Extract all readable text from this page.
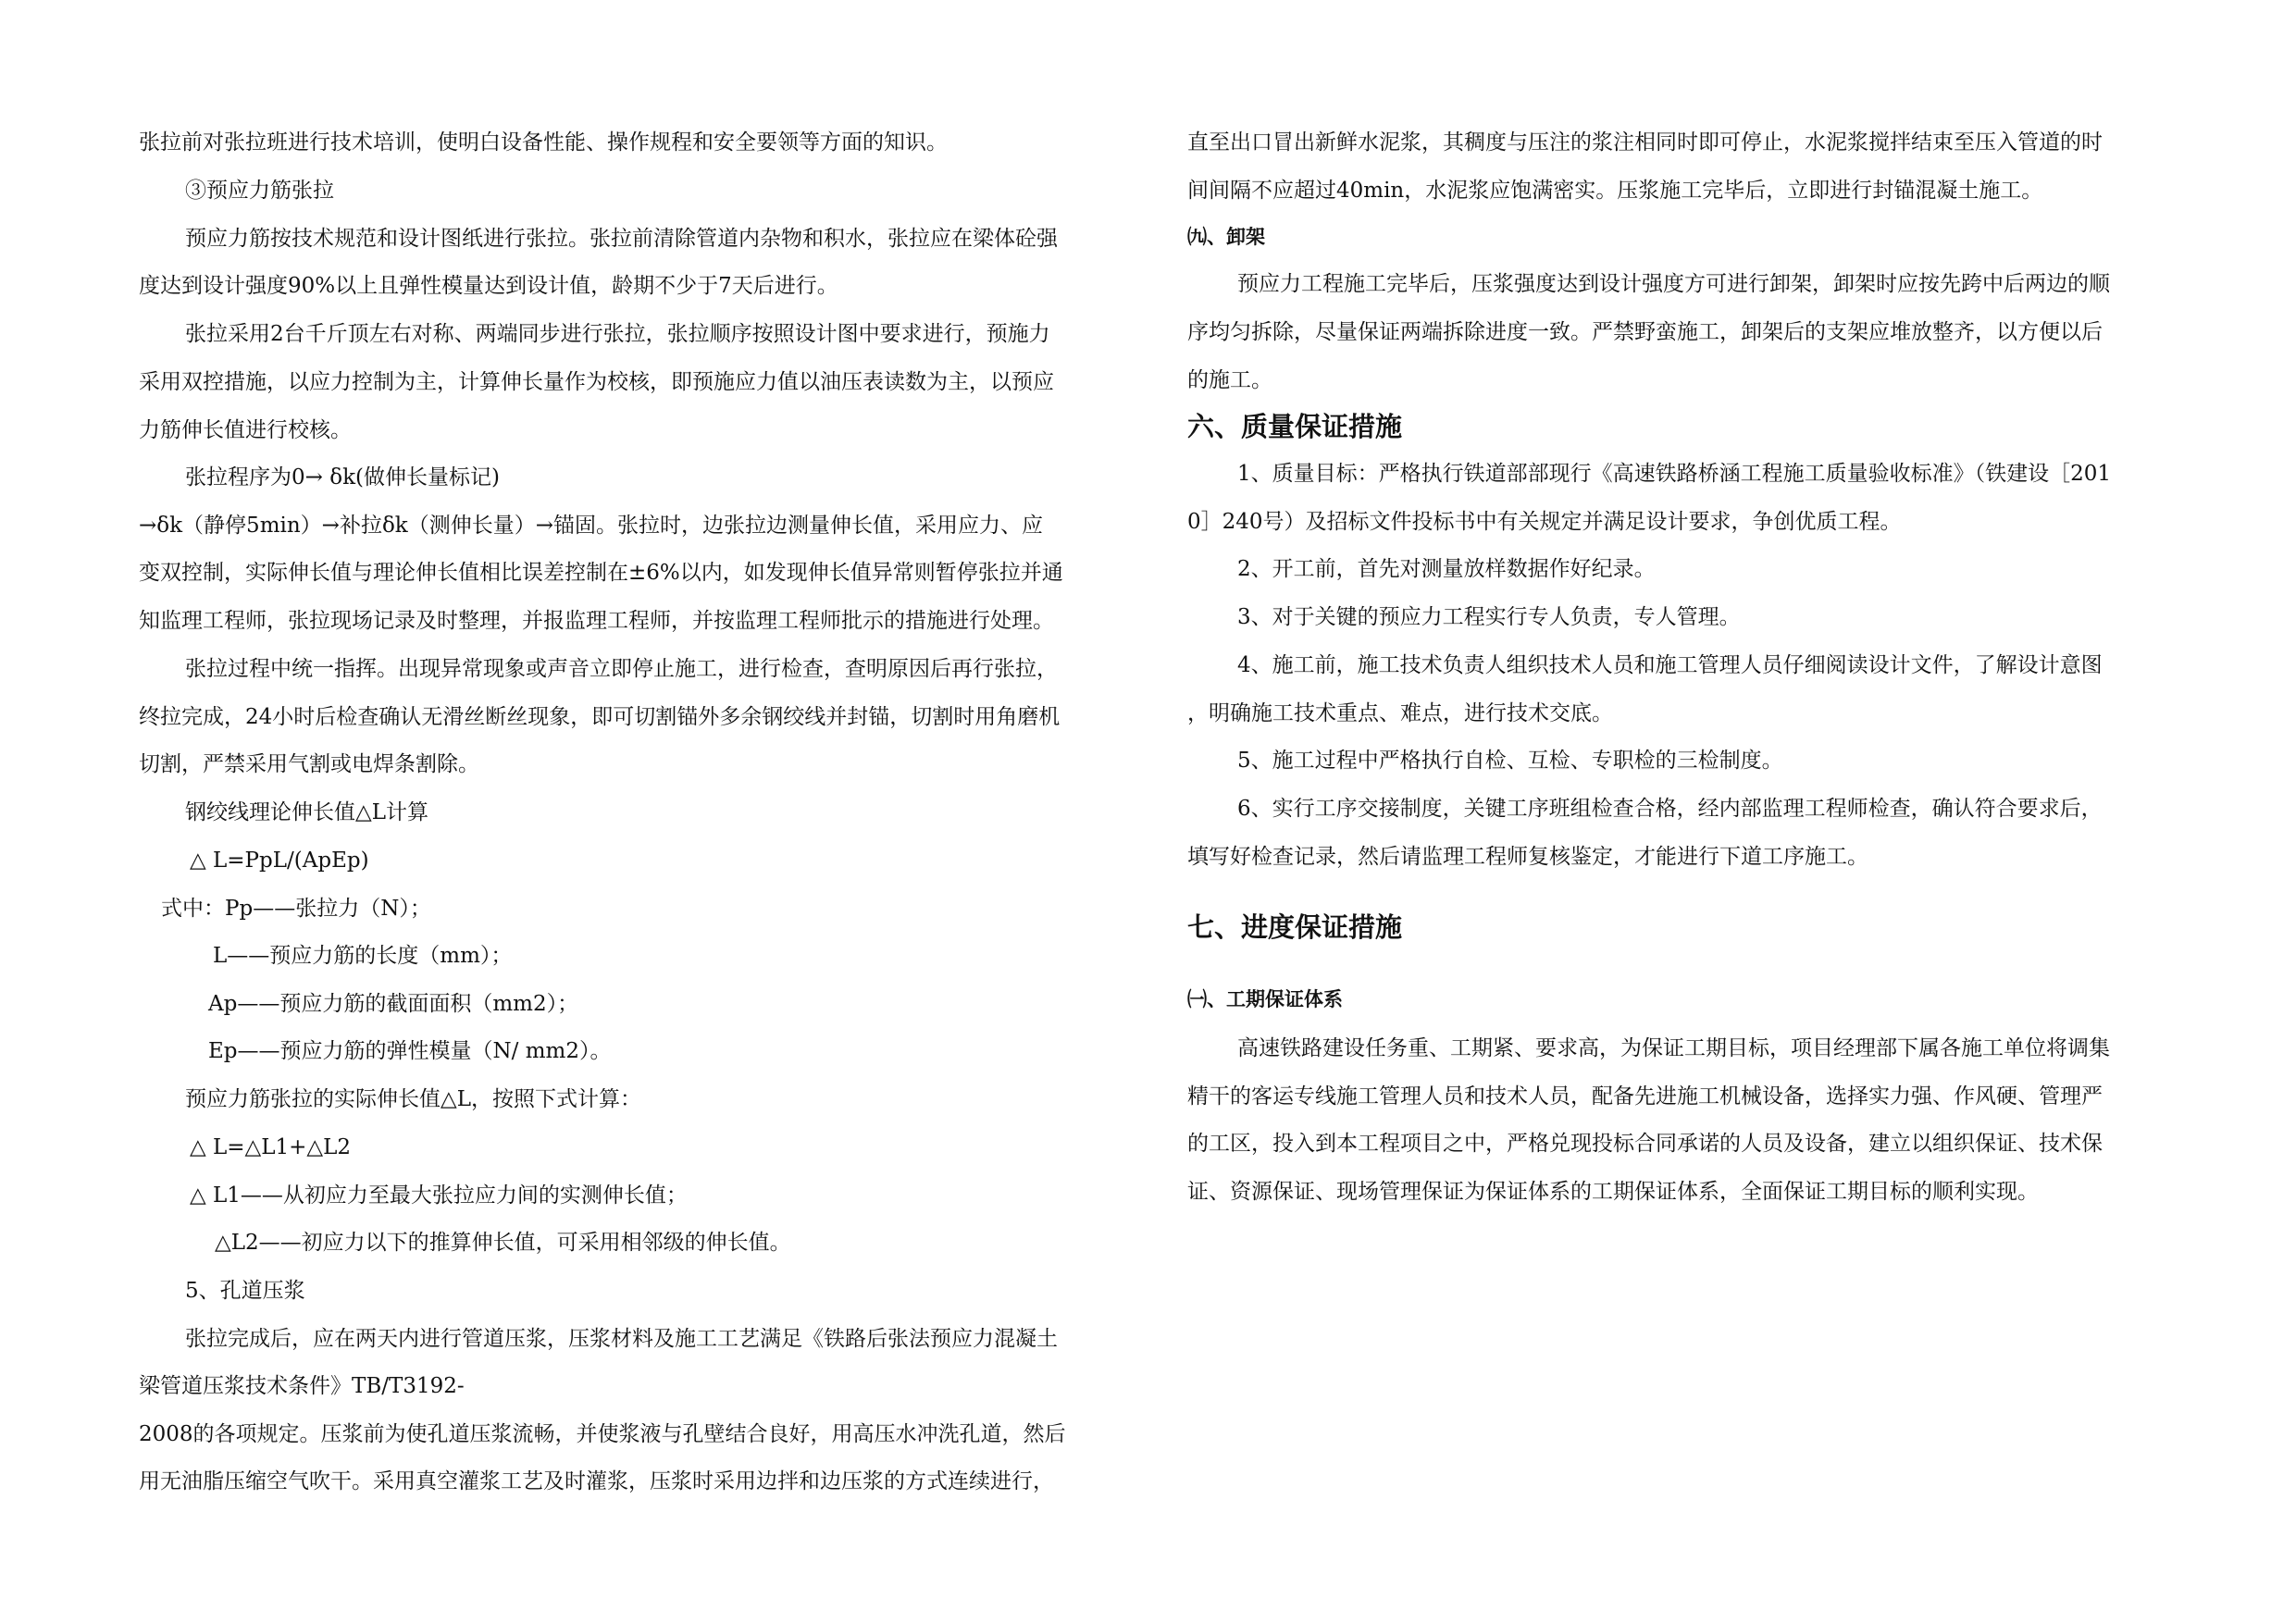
张拉前对张拉班进行技术培训，使明白设备性能、操作规程和安全要领等方面的知识。
③预应力筋张拉
预应力筋按技术规范和设计图纸进行张拉。张拉前清除管道内杂物和积水，张拉应在梁体砼强
度达到设计强度90%以上且弹性模量达到设计值，龄期不少于7天后进行。
张拉采用2台千斤顶左右对称、两端同步进行张拉，张拉顺序按照设计图中要求进行，预施力
采用双控措施，以应力控制为主，计算伸长量作为校核，即预施应力值以油压表读数为主，以预应
力筋伸长值进行校核。
张拉程序为0→ δk(做伸长量标记)
→δk（静停5min）→补拉δk（测伸长量）→锚固。张拉时，边张拉边测量伸长值，采用应力、应
变双控制，实际伸长值与理论伸长值相比误差控制在±6%以内，如发现伸长值异常则暂停张拉并通
知监理工程师，张拉现场记录及时整理，并报监理工程师，并按监理工程师批示的措施进行处理。
张拉过程中统一指挥。出现异常现象或声音立即停止施工，进行检查，查明原因后再行张拉，
终拉完成，24小时后检查确认无滑丝断丝现象，即可切割锚外多余钢绞线并封锚，切割时用角磨机
切割，严禁采用气割或电焊条割除。
钢绞线理论伸长值△L计算
△ L=PpL/(ApEp)
式中：Pp——张拉力（N）；
L——预应力筋的长度（mm）；
Ap——预应力筋的截面面积（mm2）；
Ep——预应力筋的弹性模量（N/ mm2）。
预应力筋张拉的实际伸长值△L，按照下式计算：
△ L=△L1+△L2
△ L1——从初应力至最大张拉应力间的实测伸长值；
△L2——初应力以下的推算伸长值，可采用相邻级的伸长值。
5、孔道压浆
张拉完成后，应在两天内进行管道压浆，压浆材料及施工工艺满足《铁路后张法预应力混凝土
梁管道压浆技术条件》TB/T3192-
2008的各项规定。压浆前为使孔道压浆流畅，并使浆液与孔壁结合良好，用高压水冲洗孔道，然后
用无油脂压缩空气吹干。采用真空灌浆工艺及时灌浆，压浆时采用边拌和边压浆的方式连续进行，
直至出口冒出新鲜水泥浆，其稠度与压注的浆注相同时即可停止，水泥浆搅拌结束至压入管道的时
间间隔不应超过40min，水泥浆应饱满密实。压浆施工完毕后，立即进行封锚混凝土施工。
㈨、卸架
预应力工程施工完毕后，压浆强度达到设计强度方可进行卸架，卸架时应按先跨中后两边的顺
序均匀拆除，尽量保证两端拆除进度一致。严禁野蛮施工，卸架后的支架应堆放整齐，以方便以后
的施工。
六、质量保证措施
1、质量目标：严格执行铁道部部现行《高速铁路桥涵工程施工质量验收标准》（铁建设［201
0］240号）及招标文件投标书中有关规定并满足设计要求，争创优质工程。
2、开工前，首先对测量放样数据作好纪录。
3、对于关键的预应力工程实行专人负责，专人管理。
4、施工前，施工技术负责人组织技术人员和施工管理人员仔细阅读设计文件，了解设计意图
，明确施工技术重点、难点，进行技术交底。
5、施工过程中严格执行自检、互检、专职检的三检制度。
6、实行工序交接制度，关键工序班组检查合格，经内部监理工程师检查，确认符合要求后，
填写好检查记录，然后请监理工程师复核鉴定，才能进行下道工序施工。
七、进度保证措施
㈠、工期保证体系
高速铁路建设任务重、工期紧、要求高，为保证工期目标，项目经理部下属各施工单位将调集
精干的客运专线施工管理人员和技术人员，配备先进施工机械设备，选择实力强、作风硬、管理严
的工区，投入到本工程项目之中，严格兑现投标合同承诺的人员及设备，建立以组织保证、技术保
证、资源保证、现场管理保证为保证体系的工期保证体系，全面保证工期目标的顺利实现。
